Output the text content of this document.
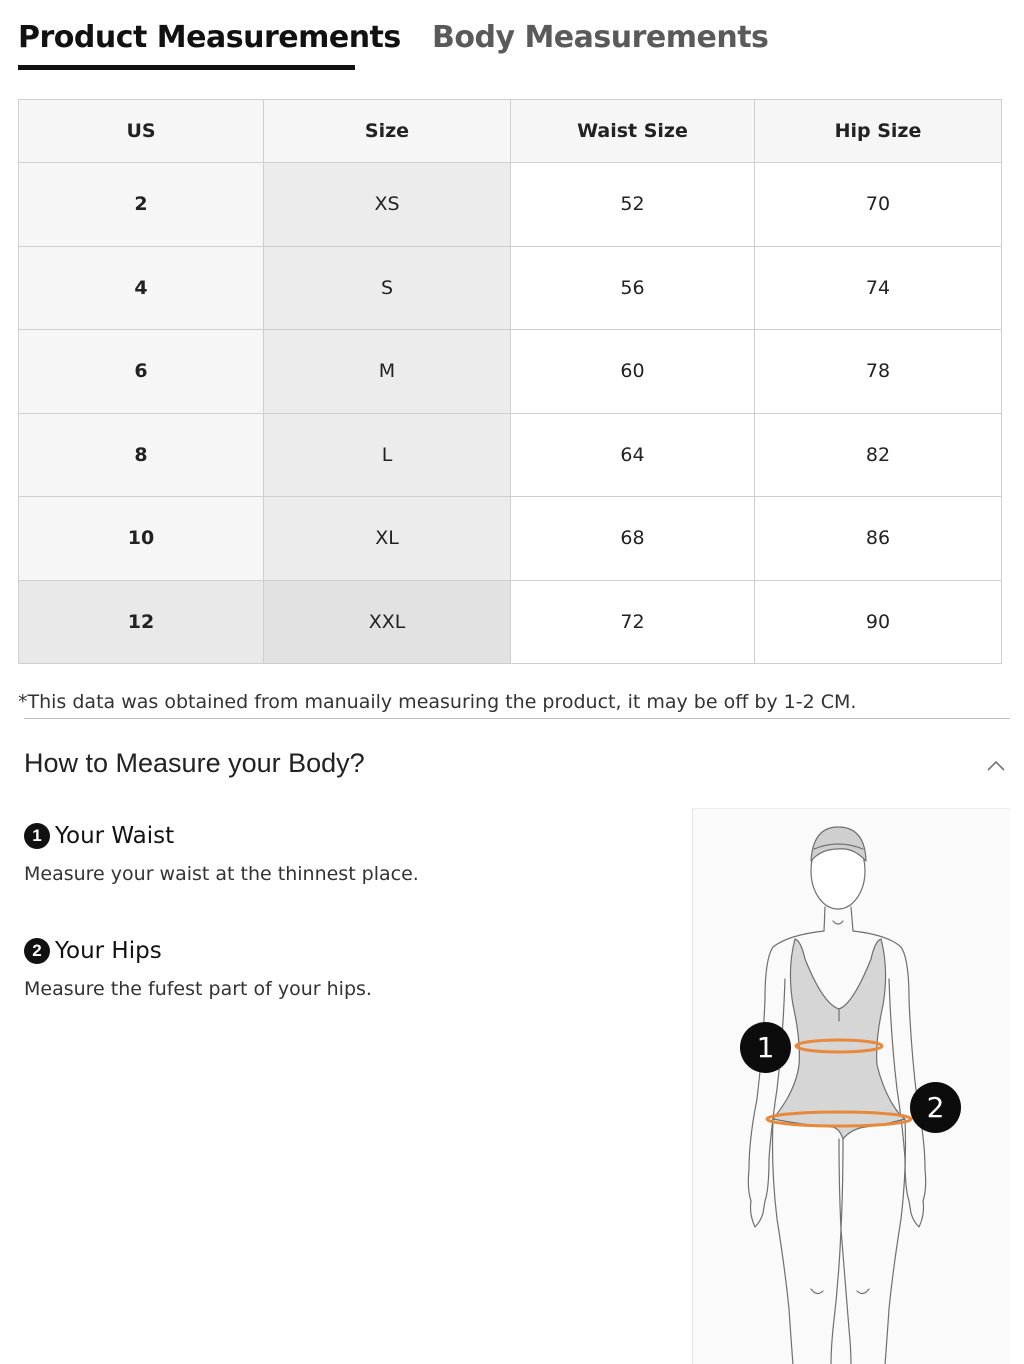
Product Measurements Body Measurements
US	Size	Waist Size	Hip Size
2	XS	52	70
4	S	56	74
6	M	60	78
8	L	64	82
10	XL	68	86
12	XXL	72	90
*This data was obtained from manuaily measuring the product, it may be off by 1-2 CM.
How to Measure your Body?
1 Your Waist
Measure your waist at the thinnest place.
2 Your Hips
Measure the fufest part of your hips.
1
2
